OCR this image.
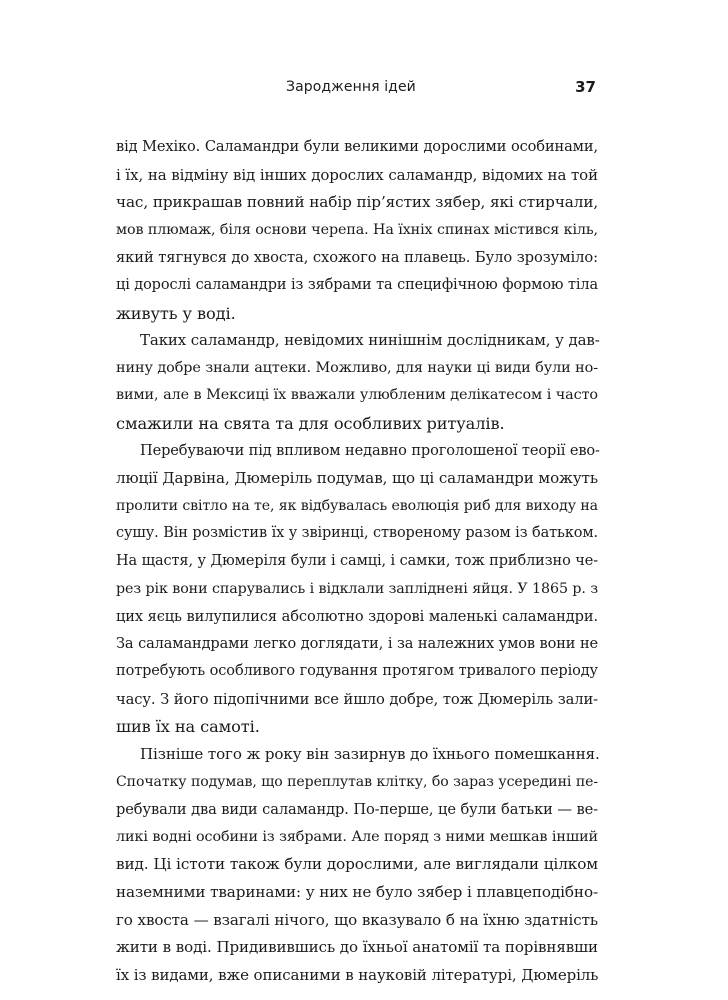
Зародження ідей	37
від Мехіко. Саламандри були великими дорослими особинами,
і їх, на відміну від інших дорослих саламандр, відомих на той
час, прикрашав повний набір пір’ястих зябер, які стирчали,
мов плюмаж, біля основи черепа. На їхніх спинах містився кіль,
який тягнувся до хвоста, схожого на плавець. Було зрозуміло:
ці дорослі саламандри із зябрами та специфічною формою тіла
живуть у воді.
Таких саламандр, невідомих нинішнім дослідникам, у дав-
нину добре знали ацтеки. Можливо, для науки ці види були но-
вими, але в Мексиці їх вважали улюбленим делікатесом і часто
смажили на свята та для особливих ритуалів.
Перебуваючи під впливом недавно проголошеної теорії ево-
люції Дарвіна, Дюмеріль подумав, що ці саламандри можуть
пролити світло на те, як відбувалась еволюція риб для виходу на
сушу. Він розмістив їх у звіринці, створеному разом із батьком.
На щастя, у Дюмеріля були і самці, і самки, тож приблизно че-
рез рік вони спарувались і відклали запліднені яйця. У 1865 р. з
цих яєць вилупилися абсолютно здорові маленькі саламандри.
За саламандрами легко доглядати, і за належних умов вони не
потребують особливого годування протягом тривалого періоду
часу. З його підопічними все йшло добре, тож Дюмеріль зали-
шив їх на самоті.
Пізніше того ж року він зазирнув до їхнього помешкання.
Спочатку подумав, що переплутав клітку, бо зараз усередині пе-
ребували два види саламандр. По-перше, це були батьки — ве-
ликі водні особини із зябрами. Але поряд з ними мешкав інший
вид. Ці істоти також були дорослими, але виглядали цілком
наземними тваринами: у них не було зябер і плавцеподібно-
го хвоста — взагалі нічого, що вказувало б на їхню здатність
жити в воді. Придивившись до їхньої анатомії та порівнявши
їх із видами, вже описаними в науковій літературі, Дюмеріль
